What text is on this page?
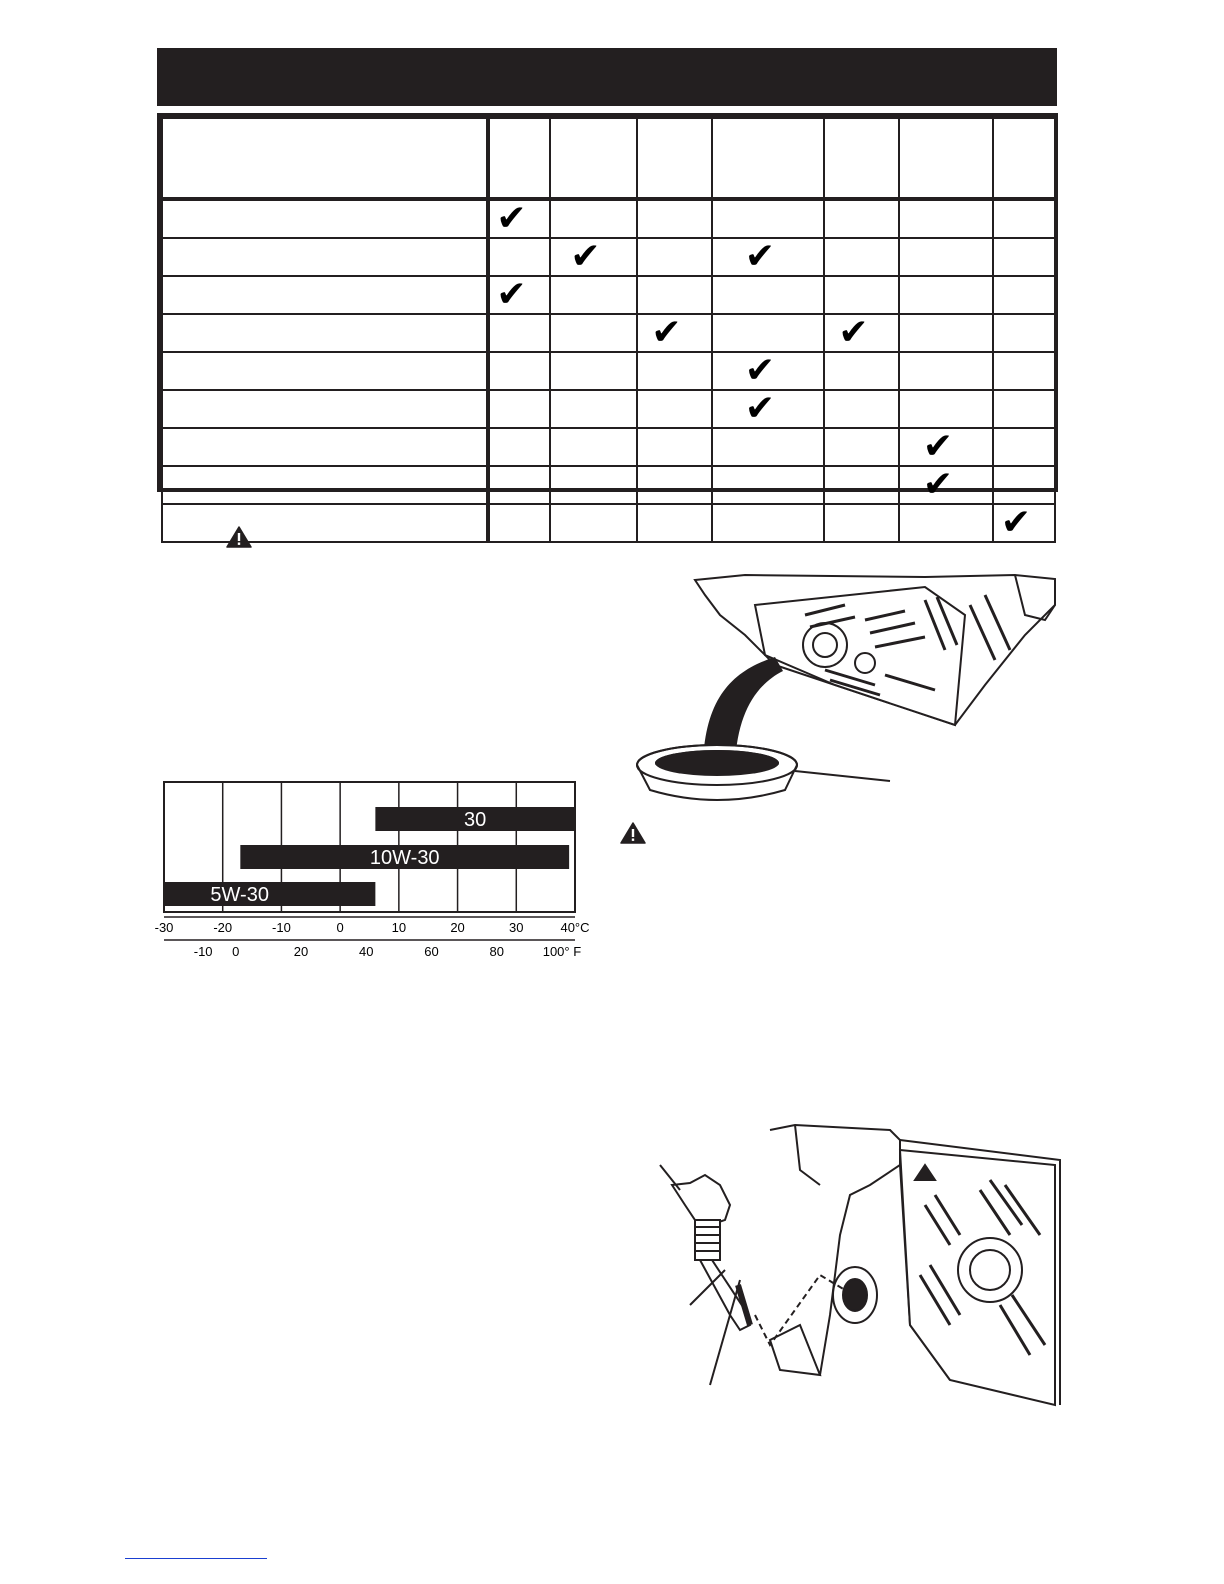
	✔						
		✔		✔			
	✔						
			✔		✔		
				✔			
				✔			
						✔	
						✔	
							✔
30
10W-30
5W-30
-30	-20	-10	0	10	20	30	40°C
-10 0	20	40	60	80	100° F
